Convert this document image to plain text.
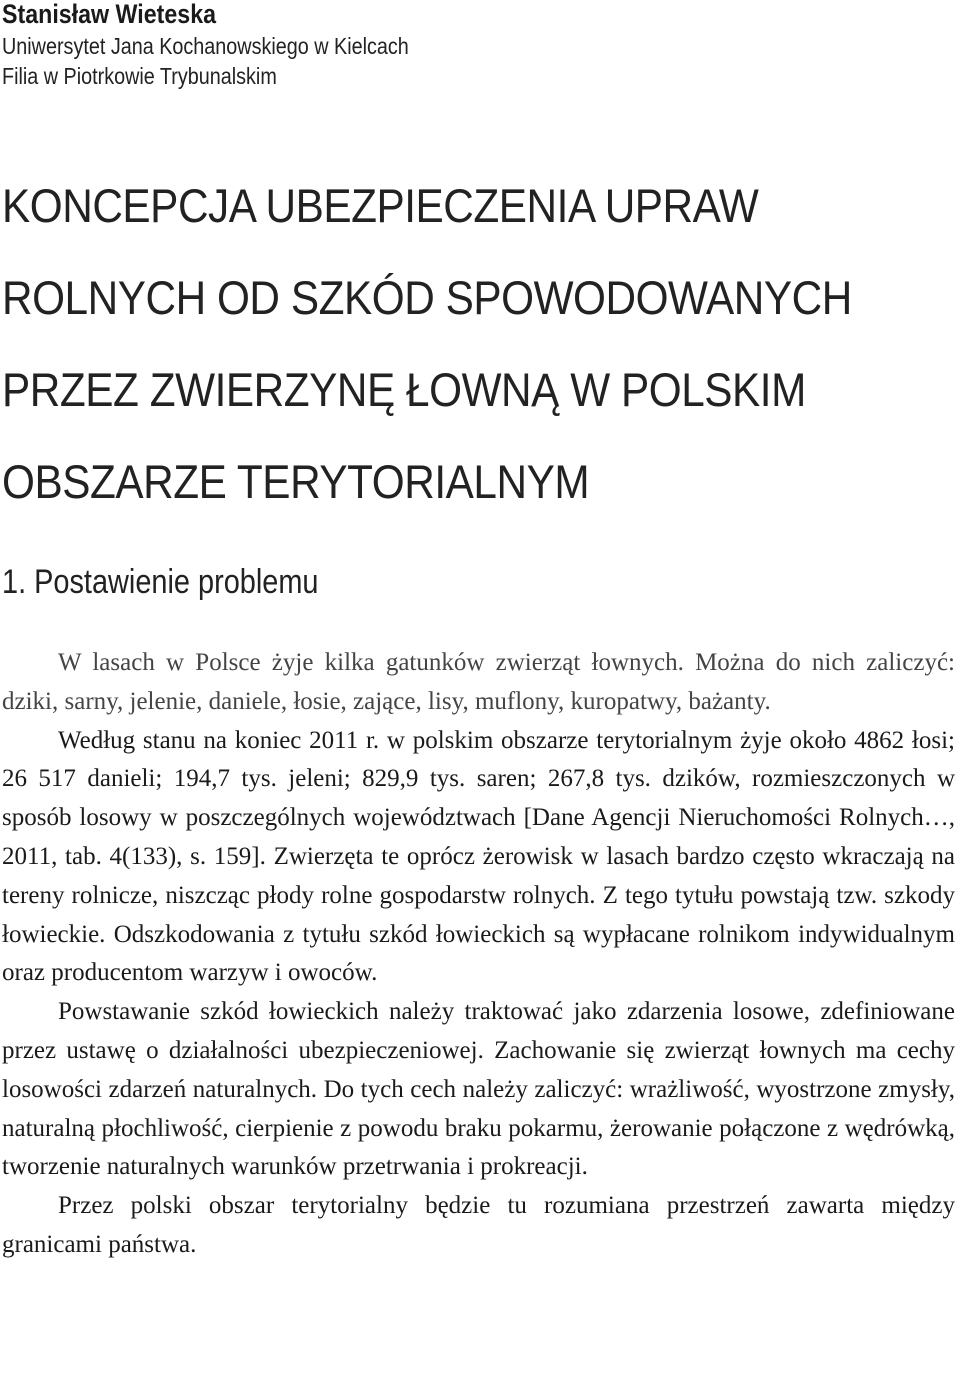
Stanisław Wieteska
Uniwersytet Jana Kochanowskiego w Kielcach
Filia w Piotrkowie Trybunalskim
KONCEPCJA UBEZPIECZENIA UPRAW
ROLNYCH OD SZKÓD SPOWODOWANYCH
PRZEZ ZWIERZYNĘ ŁOWNĄ W POLSKIM
OBSZARZE TERYTORIALNYM
1. Postawienie problemu

W lasach w Polsce żyje kilka gatunków zwierząt łownych. Można do nich zaliczyć: dziki, sarny, jelenie, daniele, łosie, zające, lisy, muflony, kuropatwy, bażanty.

Według stanu na koniec 2011 r. w polskim obszarze terytorialnym żyje około 4862 łosi; 26 517 danieli; 194,7 tys. jeleni; 829,9 tys. saren; 267,8 tys. dzików, rozmieszczonych w sposób losowy w poszczególnych województwach [Dane Agencji Nieruchomości Rolnych…, 2011, tab. 4(133), s. 159]. Zwierzęta te oprócz żerowisk w lasach bardzo często wkraczają na tereny rolnicze, niszcząc płody rolne gospodarstw rolnych. Z tego tytułu powstają tzw. szkody łowieckie. Odszkodowania z tytułu szkód łowieckich są wypłacane rolnikom indywidualnym oraz producentom warzyw i owoców.

Powstawanie szkód łowieckich należy traktować jako zdarzenia losowe, zdefiniowane przez ustawę o działalności ubezpieczeniowej. Zachowanie się zwierząt łownych ma cechy losowości zdarzeń naturalnych. Do tych cech należy zaliczyć: wrażliwość, wyostrzone zmysły, naturalną płochliwość, cierpienie z powodu braku pokarmu, żerowanie połączone z wędrówką, tworzenie naturalnych warunków przetrwania i prokreacji.

Przez polski obszar terytorialny będzie tu rozumiana przestrzeń zawarta między granicami państwa.
